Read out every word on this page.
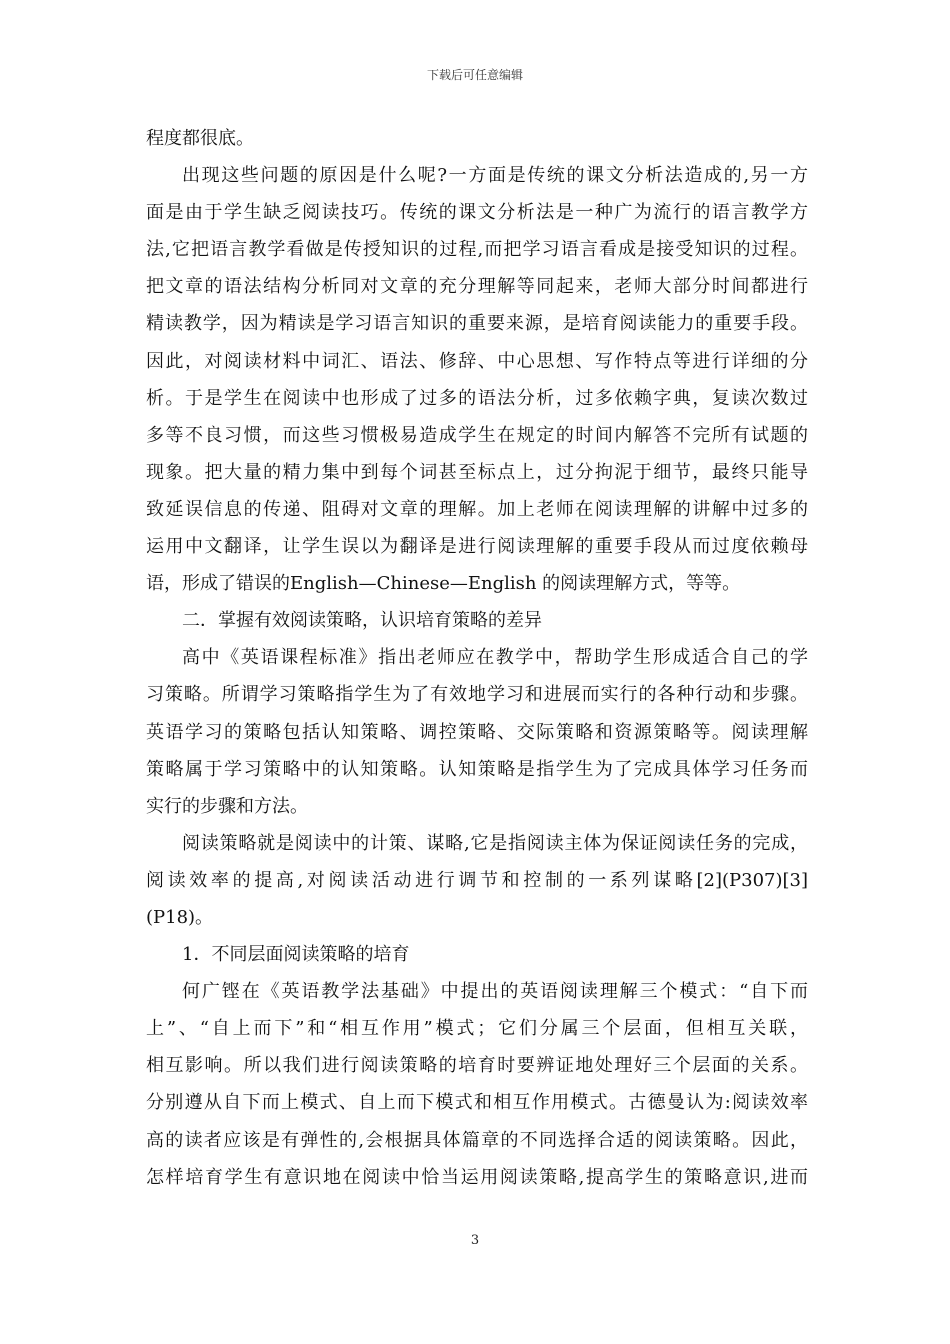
下载后可任意编辑
程度都很底。
出现这些问题的原因是什么呢?一方面是传统的课文分析法造成的,另一方
面是由于学生缺乏阅读技巧。传统的课文分析法是一种广为流行的语言教学方
法,它把语言教学看做是传授知识的过程,而把学习语言看成是接受知识的过程。
把文章的语法结构分析同对文章的充分理解等同起来，老师大部分时间都进行
精读教学，因为精读是学习语言知识的重要来源，是培育阅读能力的重要手段。
因此，对阅读材料中词汇、语法、修辞、中心思想、写作特点等进行详细的分
析。于是学生在阅读中也形成了过多的语法分析，过多依赖字典，复读次数过
多等不良习惯，而这些习惯极易造成学生在规定的时间内解答不完所有试题的
现象。把大量的精力集中到每个词甚至标点上，过分拘泥于细节，最终只能导
致延误信息的传递、阻碍对文章的理解。加上老师在阅读理解的讲解中过多的
运用中文翻译，让学生误以为翻译是进行阅读理解的重要手段从而过度依赖母
语，形成了错误的English—Chinese—English 的阅读理解方式，等等。
二．掌握有效阅读策略，认识培育策略的差异
高中《英语课程标准》指出老师应在教学中，帮助学生形成适合自己的学
习策略。所谓学习策略指学生为了有效地学习和进展而实行的各种行动和步骤。
英语学习的策略包括认知策略、调控策略、交际策略和资源策略等。阅读理解
策略属于学习策略中的认知策略。认知策略是指学生为了完成具体学习任务而
实行的步骤和方法。
阅读策略就是阅读中的计策、谋略,它是指阅读主体为保证阅读任务的完成，
阅读效率的提高,对阅读活动进行调节和控制的一系列谋略[2](P307)[3]
(P18)。
1．不同层面阅读策略的培育
何广铿在《英语教学法基础》中提出的英语阅读理解三个模式：“自下而
上”、“自上而下”和“相互作用”模式；它们分属三个层面，但相互关联，
相互影响。所以我们进行阅读策略的培育时要辨证地处理好三个层面的关系。
分别遵从自下而上模式、自上而下模式和相互作用模式。古德曼认为:阅读效率
高的读者应该是有弹性的,会根据具体篇章的不同选择合适的阅读策略。因此，
怎样培育学生有意识地在阅读中恰当运用阅读策略,提高学生的策略意识,进而
3
